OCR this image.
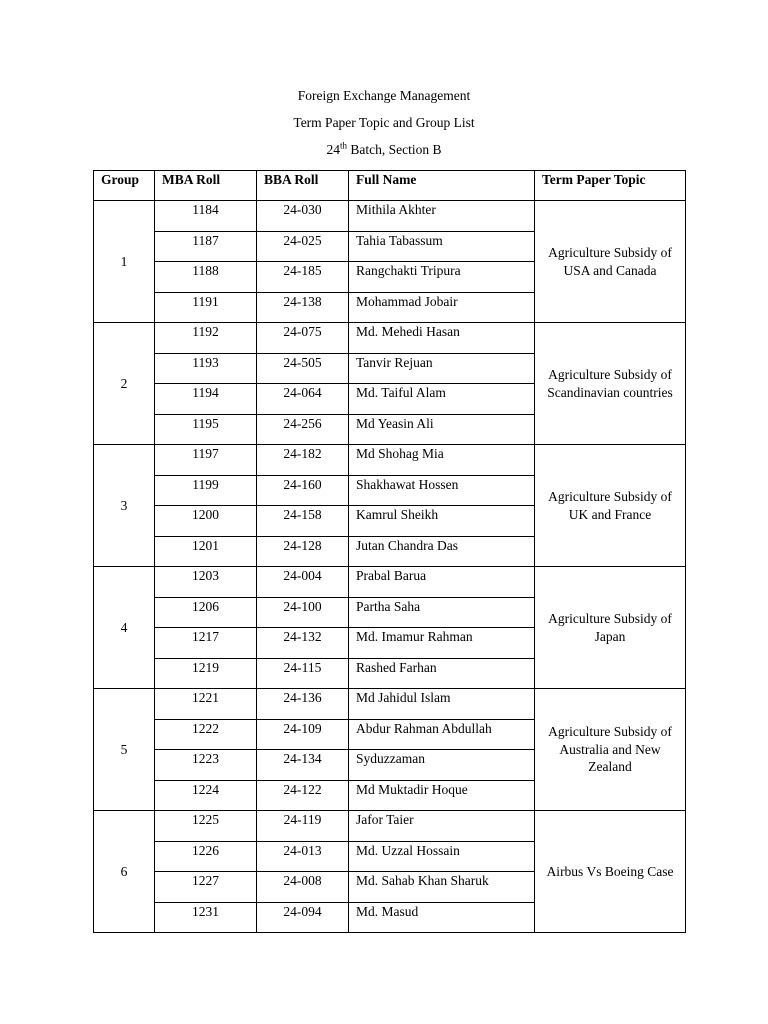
Foreign Exchange Management
Term Paper Topic and Group List
24th Batch, Section B
Group	MBA Roll	BBA Roll	Full Name	Term Paper Topic
1	1184	24-030	Mithila Akhter	Agriculture Subsidy of USA and Canada
	1187	24-025	Tahia Tabassum	
	1188	24-185	Rangchakti Tripura	
	1191	24-138	Mohammad Jobair	
2	1192	24-075	Md. Mehedi Hasan	Agriculture Subsidy of Scandinavian countries
	1193	24-505	Tanvir Rejuan	
	1194	24-064	Md. Taiful Alam	
	1195	24-256	Md Yeasin Ali	
3	1197	24-182	Md Shohag Mia	Agriculture Subsidy of UK and France
	1199	24-160	Shakhawat Hossen	
	1200	24-158	Kamrul Sheikh	
	1201	24-128	Jutan Chandra Das	
4	1203	24-004	Prabal Barua	Agriculture Subsidy of Japan
	1206	24-100	Partha Saha	
	1217	24-132	Md. Imamur Rahman	
	1219	24-115	Rashed Farhan	
5	1221	24-136	Md Jahidul Islam	Agriculture Subsidy of Australia and New Zealand
	1222	24-109	Abdur Rahman Abdullah	
	1223	24-134	Syduzzaman	
	1224	24-122	Md Muktadir Hoque	
6	1225	24-119	Jafor Taier	Airbus Vs Boeing Case
	1226	24-013	Md. Uzzal Hossain	
	1227	24-008	Md. Sahab Khan Sharuk	
	1231	24-094	Md. Masud	
